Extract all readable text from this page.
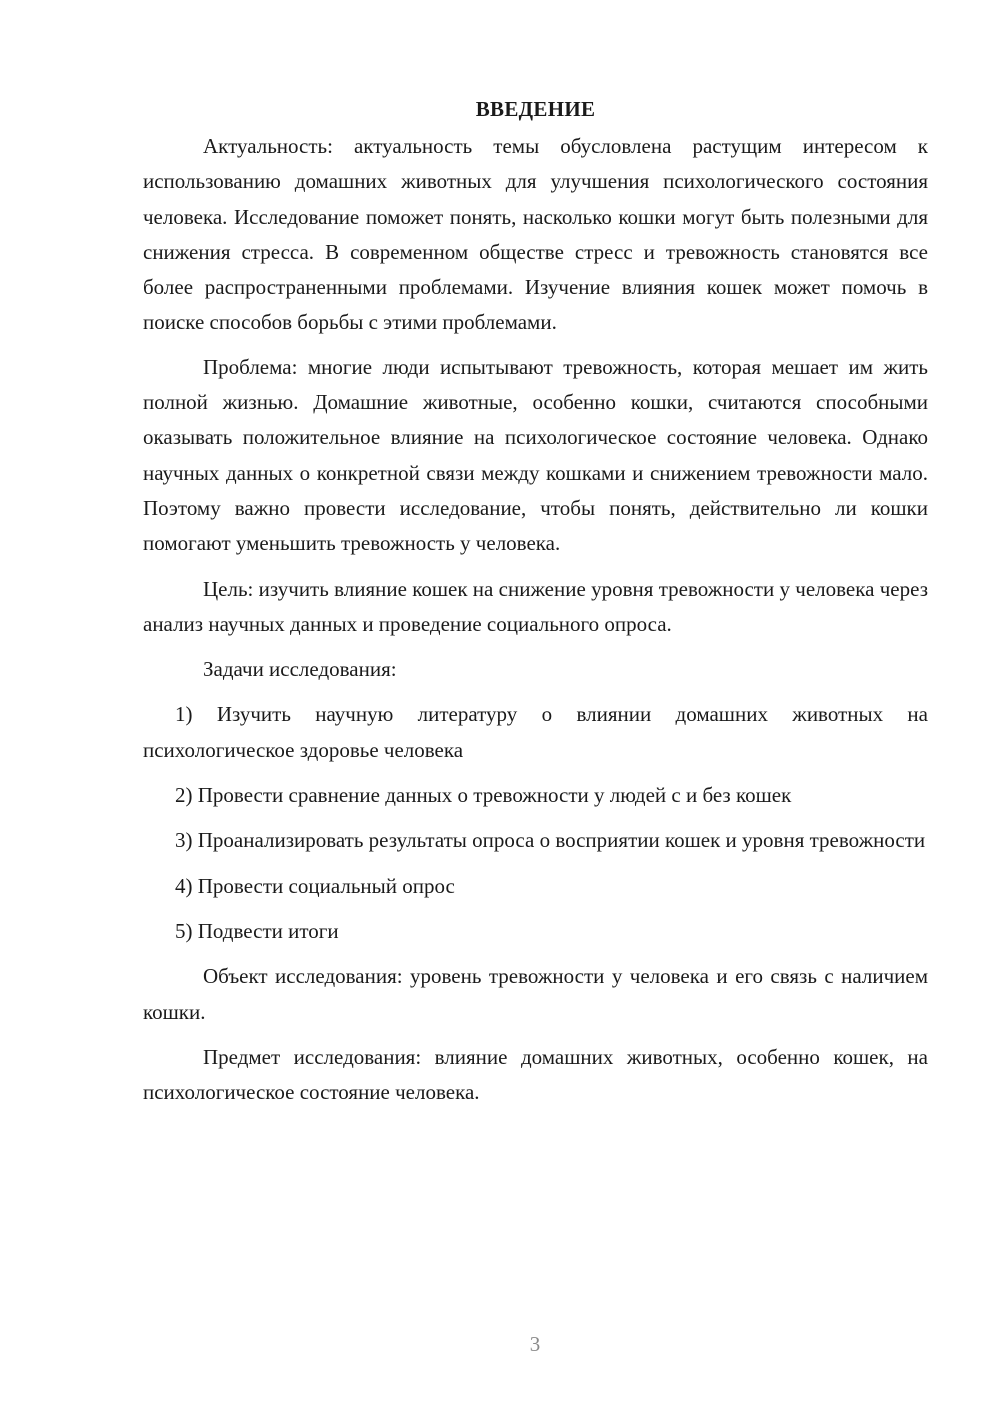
ВВЕДЕНИЕ

Актуальность: актуальность темы обусловлена растущим интересом к использованию домашних животных для улучшения психологического состояния человека. Исследование поможет понять, насколько кошки могут быть полезными для снижения стресса. В современном обществе стресс и тревожность становятся все более распространенными проблемами. Изучение влияния кошек может помочь в поиске способов борьбы с этими проблемами.

Проблема: многие люди испытывают тревожность, которая мешает им жить полной жизнью. Домашние животные, особенно кошки, считаются способными оказывать положительное влияние на психологическое состояние человека. Однако научных данных о конкретной связи между кошками и снижением тревожности мало. Поэтому важно провести исследование, чтобы понять, действительно ли кошки помогают уменьшить тревожность у человека.

Цель: изучить влияние кошек на снижение уровня тревожности у человека через анализ научных данных и проведение социального опроса.

Задачи исследования:

1) Изучить научную литературу о влиянии домашних животных на психологическое здоровье человека

2) Провести сравнение данных о тревожности у людей с и без кошек

3) Проанализировать результаты опроса о восприятии кошек и уровня тревожности

4) Провести социальный опрос

5) Подвести итоги

Объект исследования: уровень тревожности у человека и его связь с наличием кошки.

Предмет исследования: влияние домашних животных, особенно кошек, на психологическое состояние человека.

3
